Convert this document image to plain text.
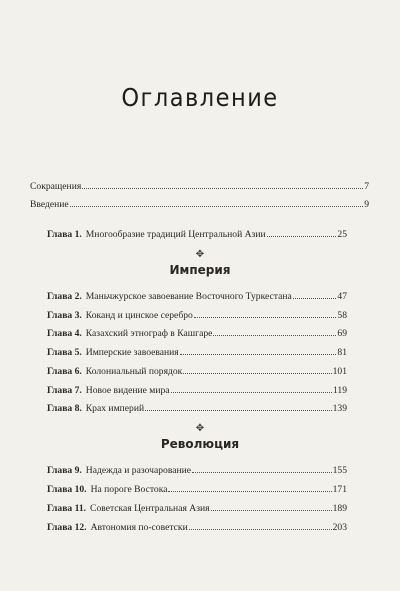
Оглавление
Сокращения	7
Введение	9
Глава 1. Многообразие традиций Центральной Азии	25
✥
Империя
Глава 2. Маньчжурское завоевание Восточного Туркестана	47
Глава 3. Коканд и цинское серебро	58
Глава 4. Казахский этнограф в Кашгаре	69
Глава 5. Имперские завоевания	81
Глава 6. Колониальный порядок	101
Глава 7. Новое видение мира	119
Глава 8. Крах империй	139
✥
Революция
Глава 9. Надежда и разочарование	155
Глава 10. На пороге Востока	171
Глава 11. Советская Центральная Азия	189
Глава 12. Автономия по-советски	203
